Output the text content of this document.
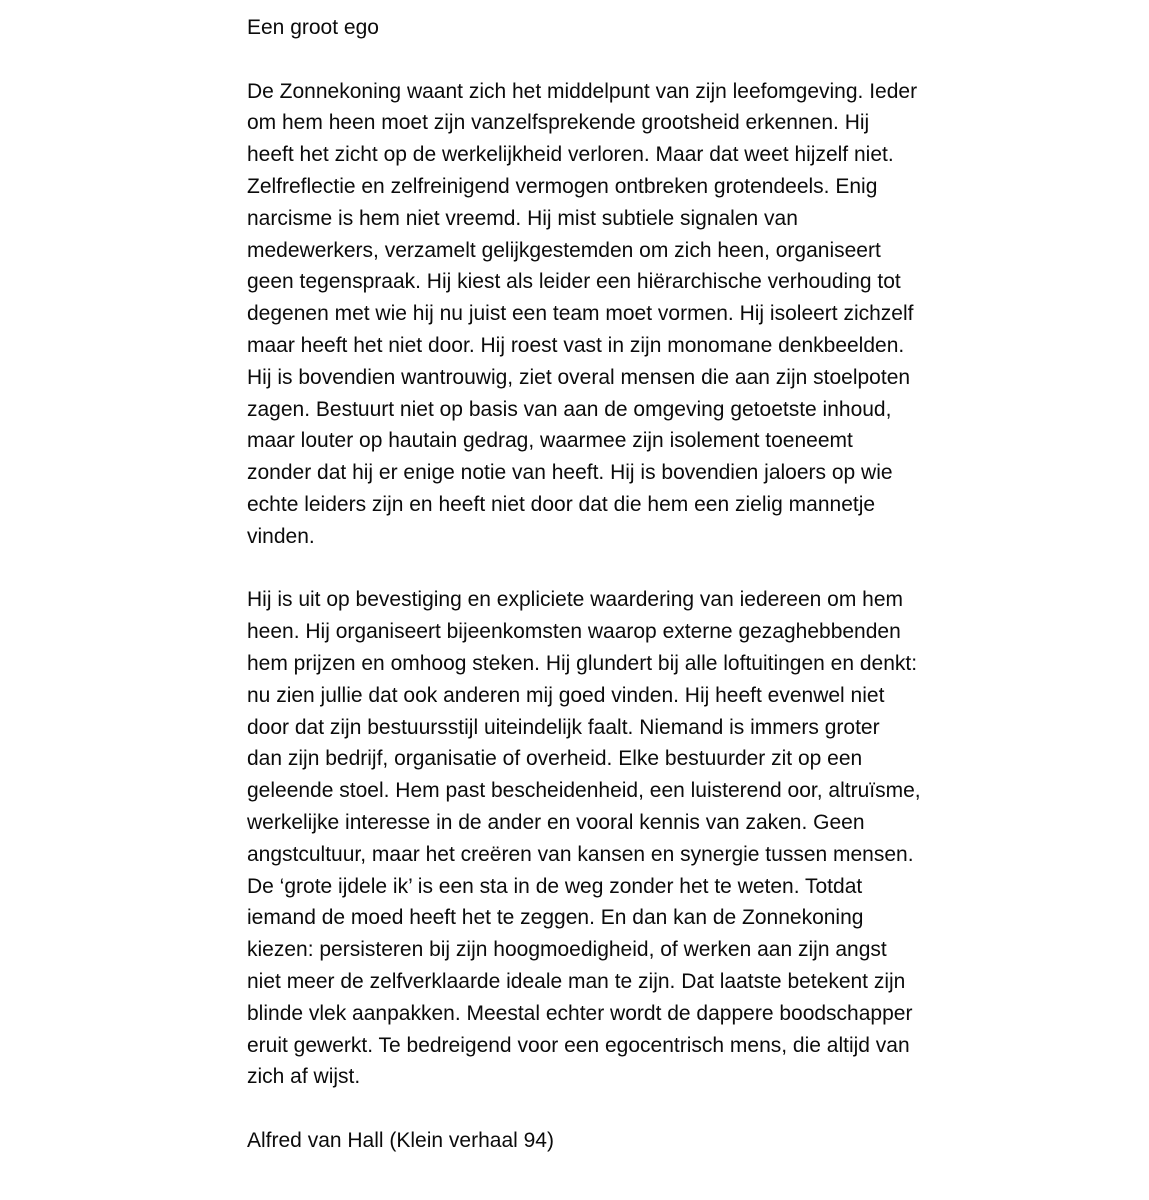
Een groot ego
De Zonnekoning waant zich het middelpunt van zijn leefomgeving. Ieder
om hem heen moet zijn vanzelfsprekende grootsheid erkennen. Hij
heeft het zicht op de werkelijkheid verloren. Maar dat weet hijzelf niet.
Zelfreflectie en zelfreinigend vermogen ontbreken grotendeels. Enig
narcisme is hem niet vreemd. Hij mist subtiele signalen van
medewerkers, verzamelt gelijkgestemden om zich heen, organiseert
geen tegenspraak. Hij kiest als leider een hiërarchische verhouding tot
degenen met wie hij nu juist een team moet vormen. Hij isoleert zichzelf
maar heeft het niet door. Hij roest vast in zijn monomane denkbeelden.
Hij is bovendien wantrouwig, ziet overal mensen die aan zijn stoelpoten
zagen. Bestuurt niet op basis van aan de omgeving getoetste inhoud,
maar louter op hautain gedrag, waarmee zijn isolement toeneemt
zonder dat hij er enige notie van heeft. Hij is bovendien jaloers op wie
echte leiders zijn en heeft niet door dat die hem een zielig mannetje
vinden.
Hij is uit op bevestiging en expliciete waardering van iedereen om hem
heen. Hij organiseert bijeenkomsten waarop externe gezaghebbenden
hem prijzen en omhoog steken. Hij glundert bij alle loftuitingen en denkt:
nu zien jullie dat ook anderen mij goed vinden. Hij heeft evenwel niet
door dat zijn bestuursstijl uiteindelijk faalt. Niemand is immers groter
dan zijn bedrijf, organisatie of overheid. Elke bestuurder zit op een
geleende stoel. Hem past bescheidenheid, een luisterend oor, altruïsme,
werkelijke interesse in de ander en vooral kennis van zaken. Geen
angstcultuur, maar het creëren van kansen en synergie tussen mensen.
De ‘grote ijdele ik’ is een sta in de weg zonder het te weten. Totdat
iemand de moed heeft het te zeggen. En dan kan de Zonnekoning
kiezen: persisteren bij zijn hoogmoedigheid, of werken aan zijn angst
niet meer de zelfverklaarde ideale man te zijn. Dat laatste betekent zijn
blinde vlek aanpakken. Meestal echter wordt de dappere boodschapper
eruit gewerkt. Te bedreigend voor een egocentrisch mens, die altijd van
zich af wijst.
Alfred van Hall (Klein verhaal 94)
